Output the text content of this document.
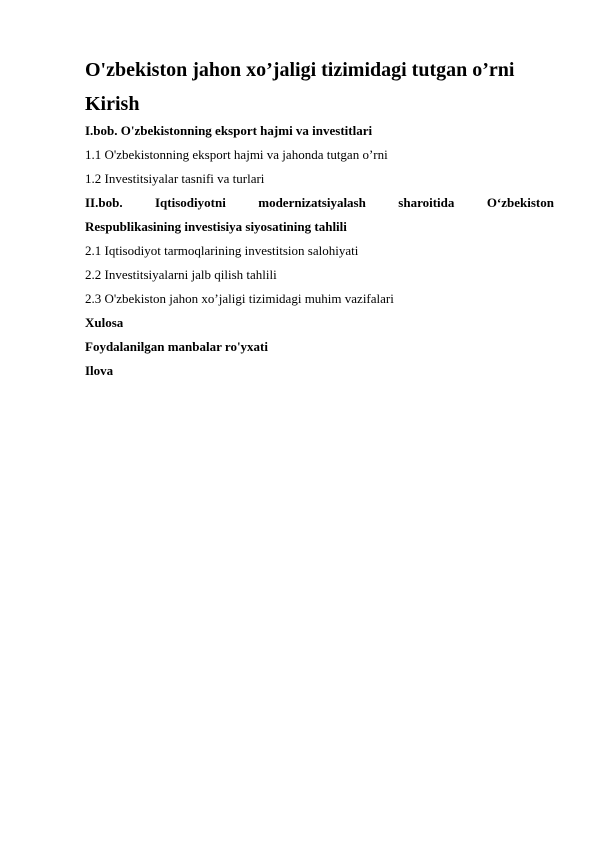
O'zbekiston jahon xo’jaligi tizimidagi tutgan o’rni
Kirish
I.bob. O'zbekistonning eksport hajmi va investitlari
1.1 O'zbekistonning eksport hajmi va jahonda tutgan o’rni
1.2 Investitsiyalar tasnifi va turlari
II.bob. Iqtisodiyotni modernizatsiyalash sharoitida O‘zbekiston
Respublikasining investisiya siyosatining tahlili
2.1 Iqtisodiyot tarmoqlarining investitsion salohiyati
2.2 Investitsiyalarni jalb qilish tahlili
2.3 O'zbekiston jahon xo’jaligi tizimidagi muhim vazifalari
Xulosa
Foydalanilgan manbalar ro'yxati
Ilova
